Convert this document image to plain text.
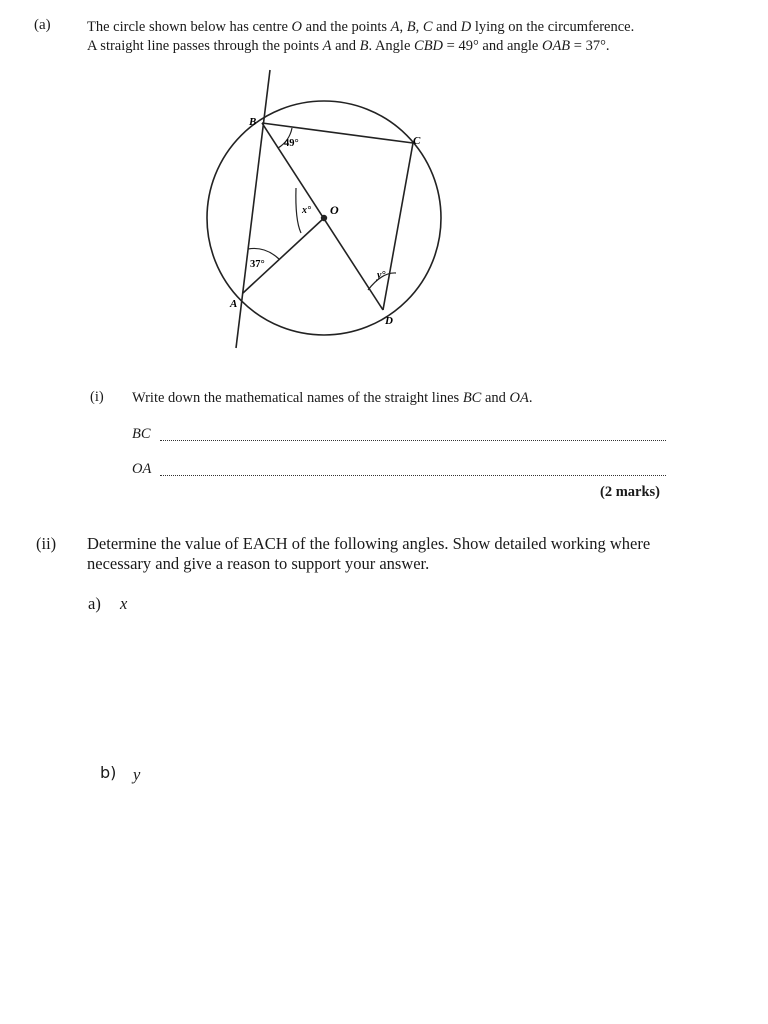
(a)	The circle shown below has centre O and the points A, B, C and D lying on the circumference.
A straight line passes through the points A and B. Angle CBD = 49° and angle OAB = 37°.
B
C
O
A
D
49°
x°
37°
y°
(i) Write down the mathematical names of the straight lines BC and OA.
BC
OA
(2 marks)
(ii) Determine the value of EACH of the following angles. Show detailed working where
necessary and give a reason to support your answer.
a) x
b) y
